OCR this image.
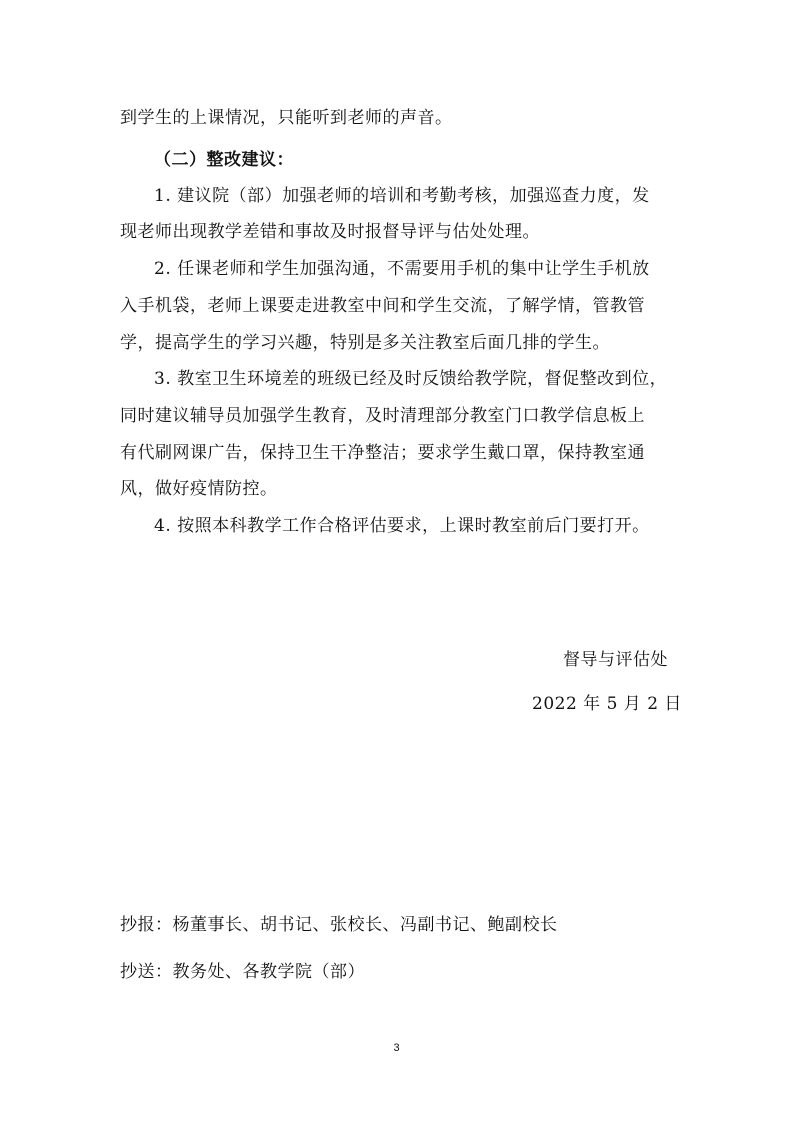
到学生的上课情况，只能听到老师的声音。
（二）整改建议：
1. 建议院（部）加强老师的培训和考勤考核，加强巡查力度，发
现老师出现教学差错和事故及时报督导评与估处处理。
2. 任课老师和学生加强沟通，不需要用手机的集中让学生手机放
入手机袋，老师上课要走进教室中间和学生交流，了解学情，管教管
学，提高学生的学习兴趣，特别是多关注教室后面几排的学生。
3. 教室卫生环境差的班级已经及时反馈给教学院，督促整改到位，
同时建议辅导员加强学生教育，及时清理部分教室门口教学信息板上
有代刷网课广告，保持卫生干净整洁；要求学生戴口罩，保持教室通
风，做好疫情防控。
4. 按照本科教学工作合格评估要求，上课时教室前后门要打开。
督导与评估处
2022 年 5 月 2 日
抄报：杨董事长、胡书记、张校长、冯副书记、鲍副校长
抄送：教务处、各教学院（部）
3
